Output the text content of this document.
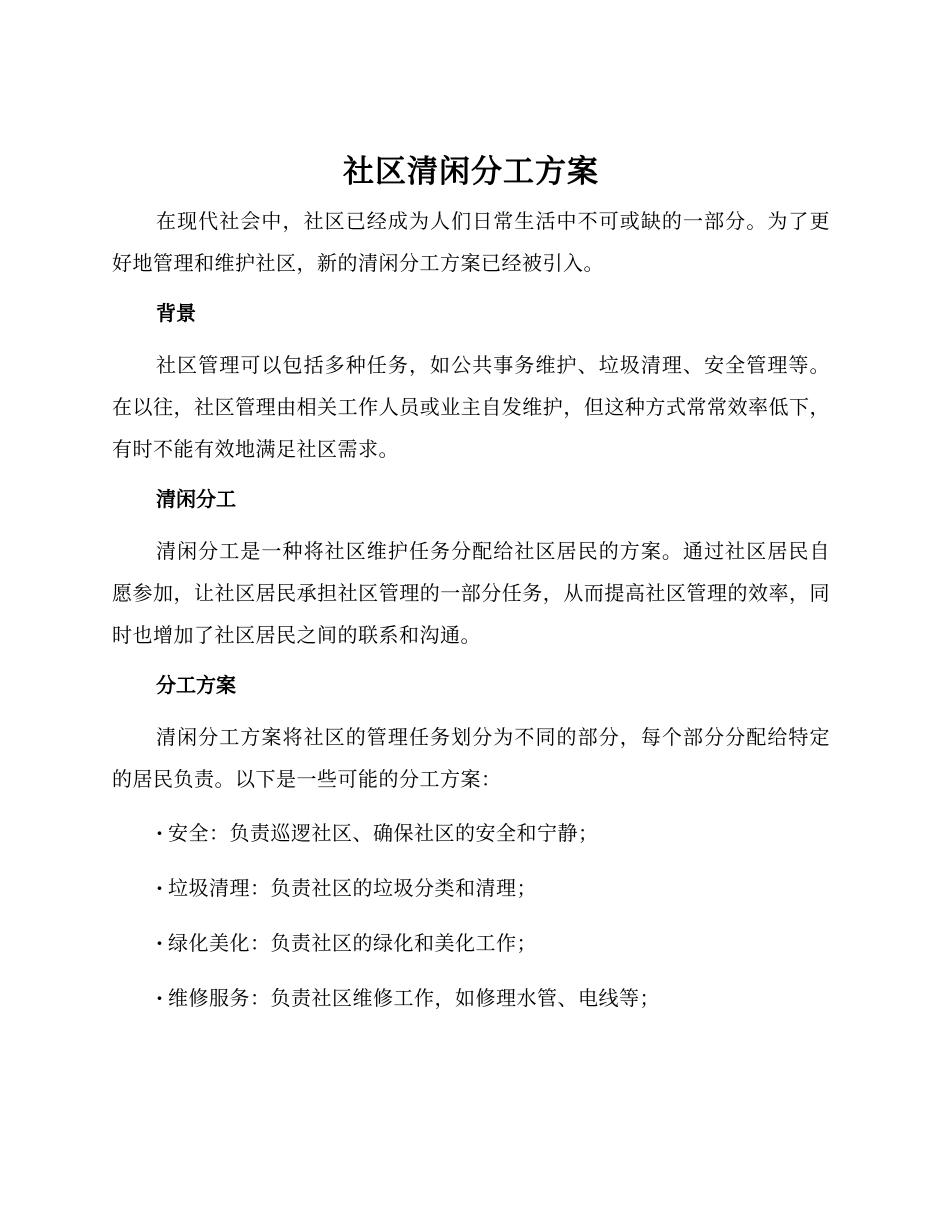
社区清闲分工方案

在现代社会中，社区已经成为人们日常生活中不可或缺的一部分。为了更好地管理和维护社区，新的清闲分工方案已经被引入。

背景

社区管理可以包括多种任务，如公共事务维护、垃圾清理、安全管理等。在以往，社区管理由相关工作人员或业主自发维护，但这种方式常常效率低下，有时不能有效地满足社区需求。

清闲分工

清闲分工是一种将社区维护任务分配给社区居民的方案。通过社区居民自愿参加，让社区居民承担社区管理的一部分任务，从而提高社区管理的效率，同时也增加了社区居民之间的联系和沟通。

分工方案

清闲分工方案将社区的管理任务划分为不同的部分，每个部分分配给特定的居民负责。以下是一些可能的分工方案：

· 安全：负责巡逻社区、确保社区的安全和宁静；
· 垃圾清理：负责社区的垃圾分类和清理；
· 绿化美化：负责社区的绿化和美化工作；
· 维修服务：负责社区维修工作，如修理水管、电线等；
